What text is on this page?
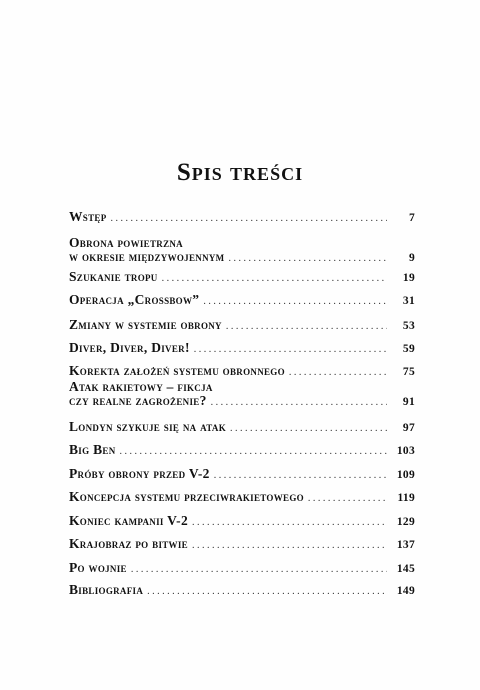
Spis treści
Wstęp . . .	7
Obrona powietrzna
w okresie międzywojennym . . .	9
Szukanie tropu . . .	19
Operacja „Crossbow” . . .	31
Zmiany w systemie obrony . . .	53
Diver, Diver, Diver! . . .	59
Korekta założeń systemu obronnego . . .	75
Atak rakietowy – fikcja
czy realne zagrożenie? . . .	91
Londyn szykuje się na atak . . .	97
Big Ben . . .	103
Próby obrony przed V-2 . . .	109
Koncepcja systemu przeciwrakietowego . . .	119
Koniec kampanii V-2 . . .	129
Krajobraz po bitwie . . .	137
Po wojnie . . .	145
Bibliografia . . .	149
